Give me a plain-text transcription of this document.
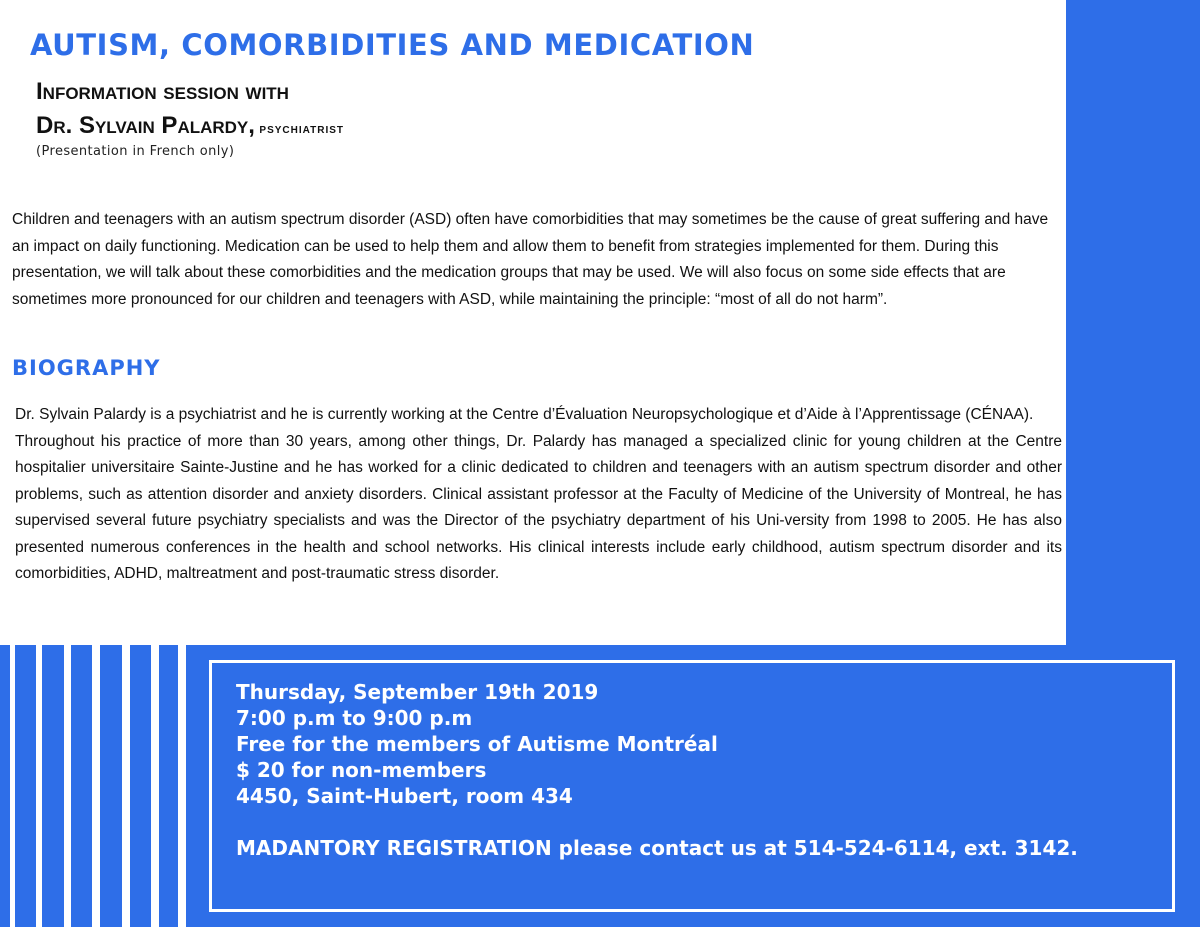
AUTISM, COMORBIDITIES AND MEDICATION
Information session with
Dr. Sylvain Palardy, psychiatrist

(Presentation in French only)

Children and teenagers with an autism spectrum disorder (ASD) often have comorbidities that may sometimes be the cause of great suffering and have an impact on daily functioning. Medication can be used to help them and allow them to benefit from strategies implemented for them. During this presentation, we will talk about these comorbidities and the medication groups that may be used. We will also focus on some side effects that are sometimes more pronounced for our children and teenagers with ASD, while maintaining the principle: “most of all do not harm”.

BIOGRAPHY

Dr. Sylvain Palardy is a psychiatrist and he is currently working at the Centre d’Évaluation Neuropsychologique et d’Aide à l’Apprentissage (CÉNAA).

Throughout his practice of more than 30 years, among other things, Dr. Palardy has managed a specialized clinic for young children at the Centre hospitalier universitaire Sainte-Justine and he has worked for a clinic dedicated to children and teenagers with an autism spectrum disorder and other problems, such as attention disorder and anxiety disorders. Clinical assistant professor at the Faculty of Medicine of the University of Montreal, he has supervised several future psychiatry specialists and was the Director of the psychiatry department of his Uni-versity from 1998 to 2005. He has also presented numerous conferences in the health and school networks. His clinical interests include early childhood, autism spectrum disorder and its comorbidities, ADHD, maltreatment and post-traumatic stress disorder.

Thursday, September 19th 2019
7:00 p.m to 9:00 p.m
Free for the members of Autisme Montréal
$ 20 for non-members
4450, Saint-Hubert, room 434
MADANTORY REGISTRATION please contact us at 514-524-6114, ext. 3142.
